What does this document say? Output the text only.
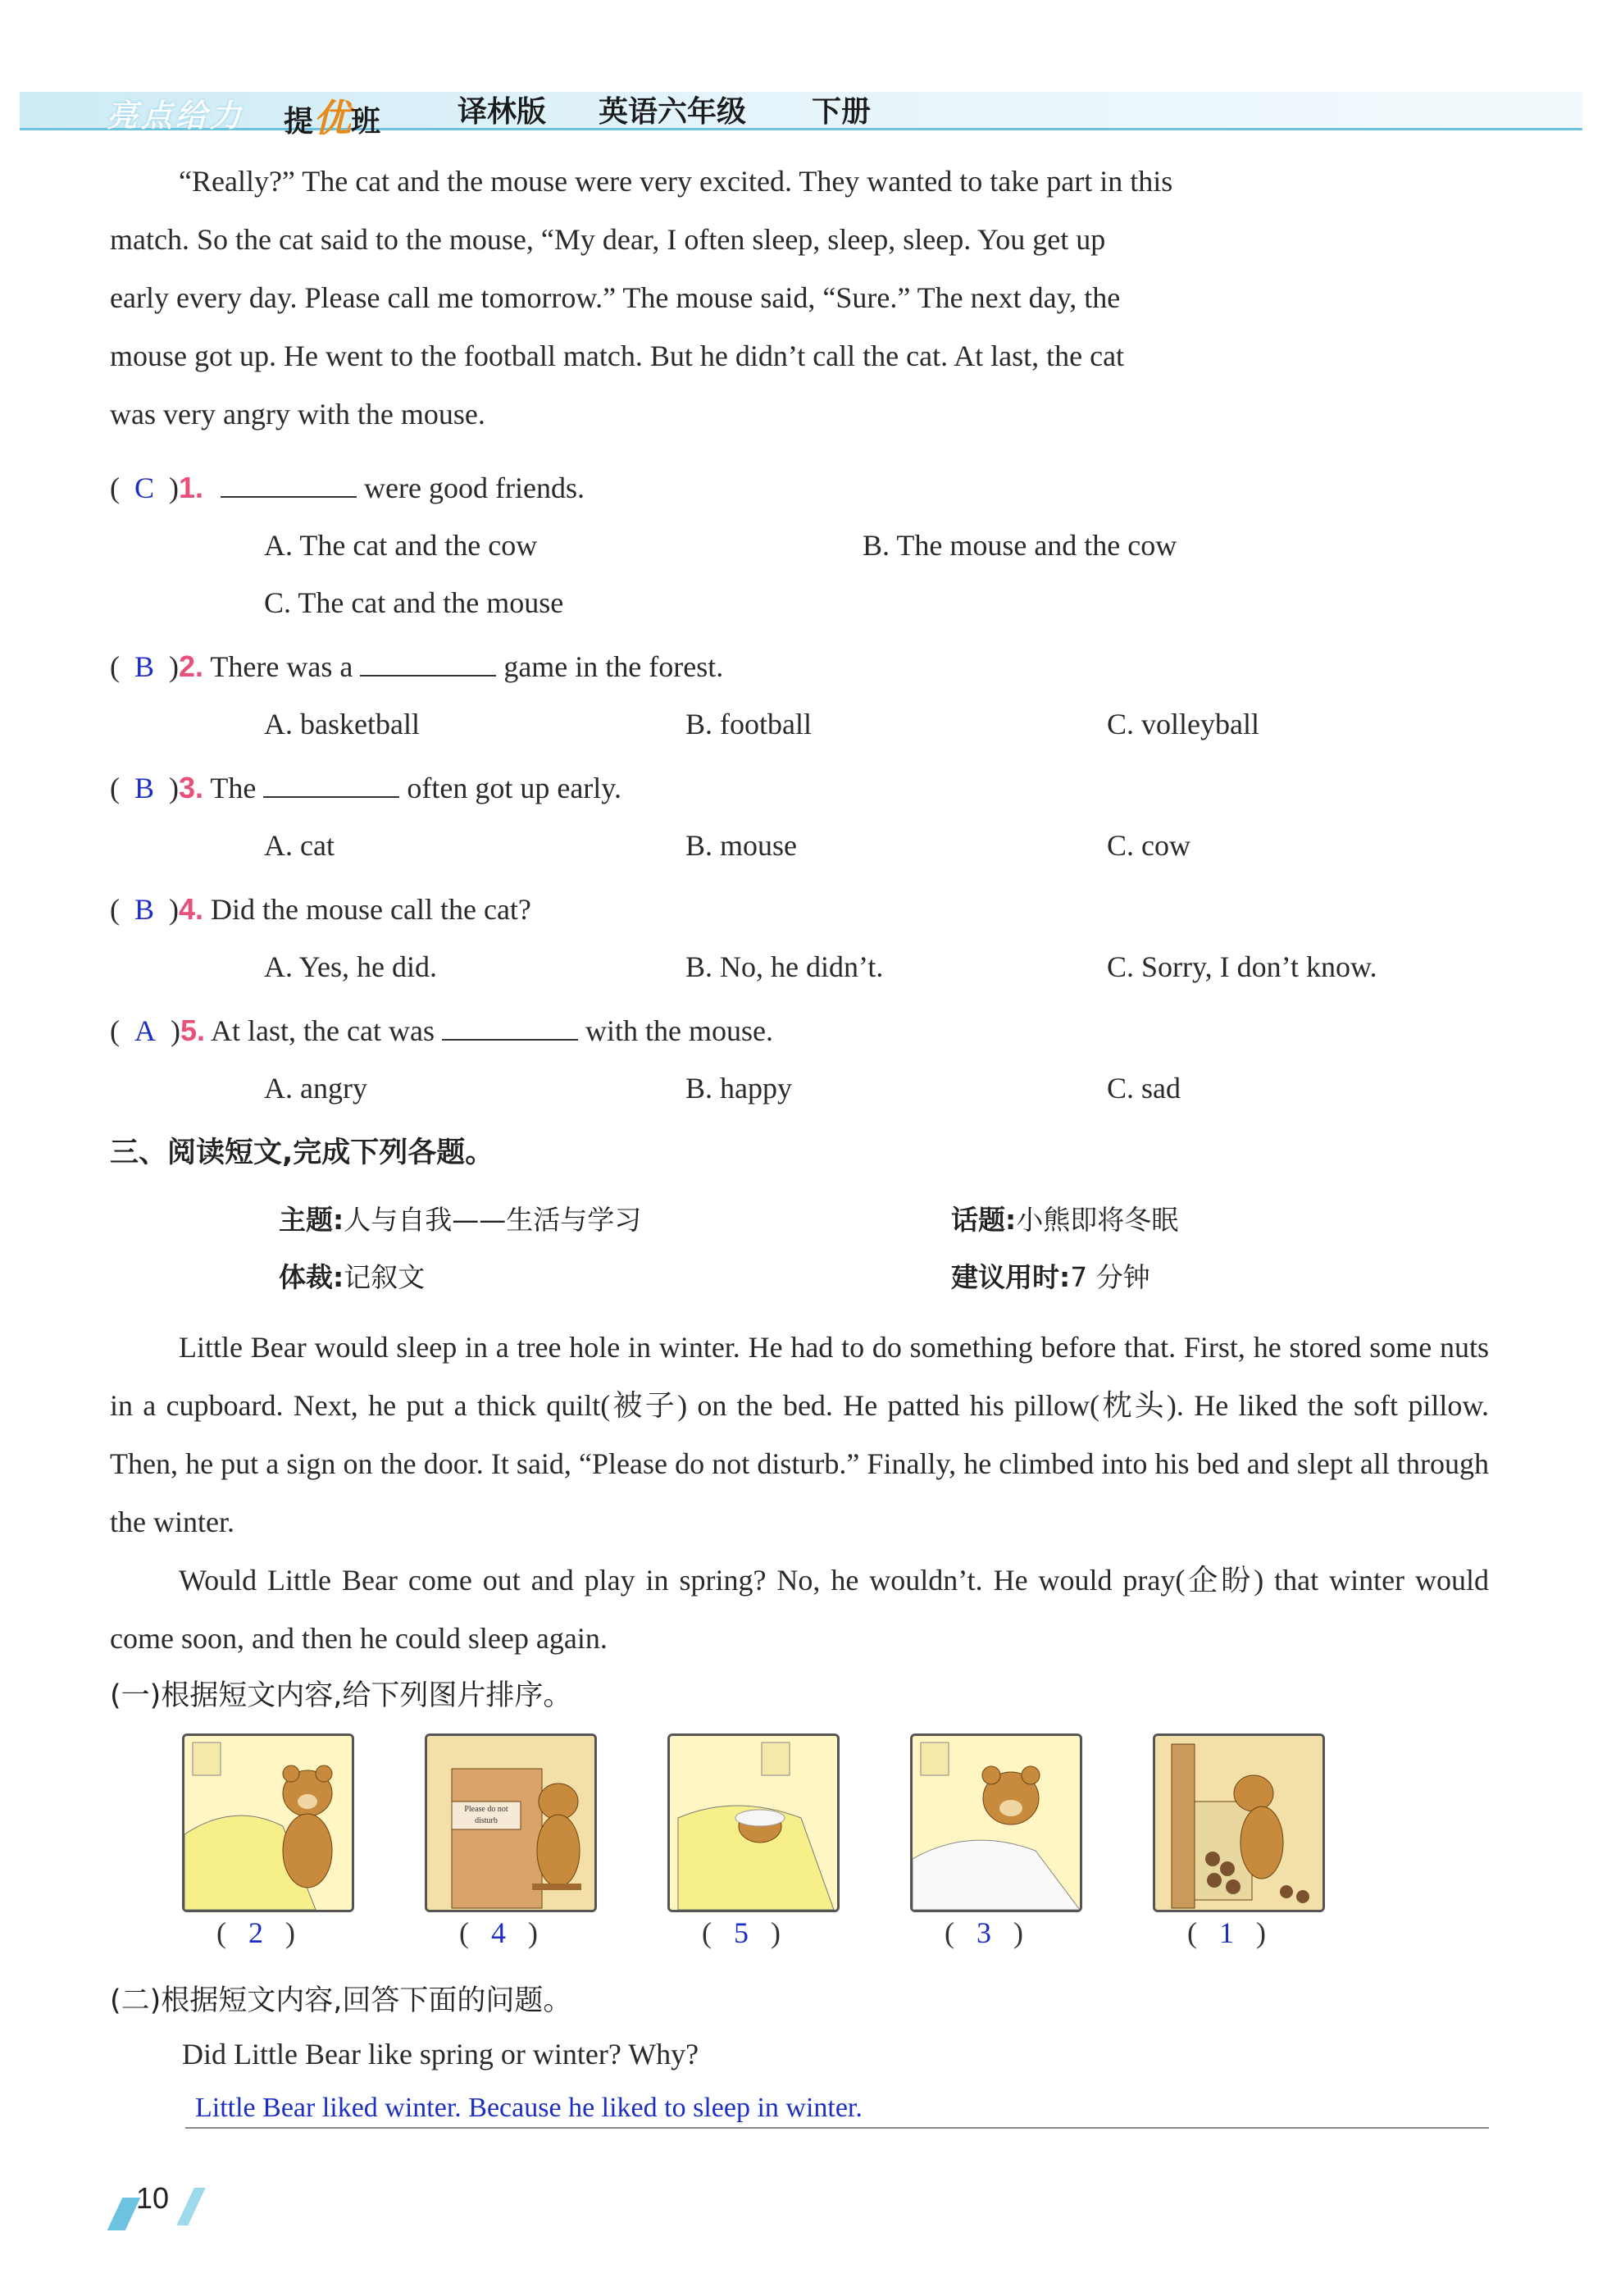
亮点给力 提优班	译林版 英语六年级 下册
“Really?” The cat and the mouse were very excited. They wanted to take part in this
match. So the cat said to the mouse, “My dear, I often sleep, sleep, sleep. You get up
early every day. Please call me tomorrow.” The mouse said, “Sure.” The next day, the
mouse got up. He went to the football match. But he didn’t call the cat. At last, the cat
was very angry with the mouse.
(  C  )1.	were good friends.
A. The cat and the cow	B. The mouse and the cow
C. The cat and the mouse
(  B  )2. There was a	game in the forest.
A. basketball	B. football	C. volleyball
(  B  )3. The	often got up early.
A. cat	B. mouse	C. cow
(  B  )4. Did the mouse call the cat?
A. Yes, he did.	B. No, he didn’t.	C. Sorry, I don’t know.
(  A  )5. At last, the cat was	with the mouse.
A. angry	B. happy	C. sad
三、阅读短文,完成下列各题。
主题:人与自我——生活与学习	话题:小熊即将冬眠
体裁:记叙文	建议用时:7 分钟
Little Bear would sleep in a tree hole in winter. He had to do something before that. First, he stored some nuts in a cupboard. Next, he put a thick quilt(被子) on the bed. He patted his pillow(枕头). He liked the soft pillow. Then, he put a sign on the door. It said, “Please do not disturb.” Finally, he climbed into his bed and slept all through the winter.
Would Little Bear come out and play in spring? No, he wouldn’t. He would pray(企盼) that winter would come soon, and then he could sleep again.
(一)根据短文内容,给下列图片排序。
Please do not
disturb
(   2   )	(   4   )	(   5   )	(   3   )	(   1   )
(二)根据短文内容,回答下面的问题。
Did Little Bear like spring or winter? Why?
Little Bear liked winter. Because he liked to sleep in winter.
10
